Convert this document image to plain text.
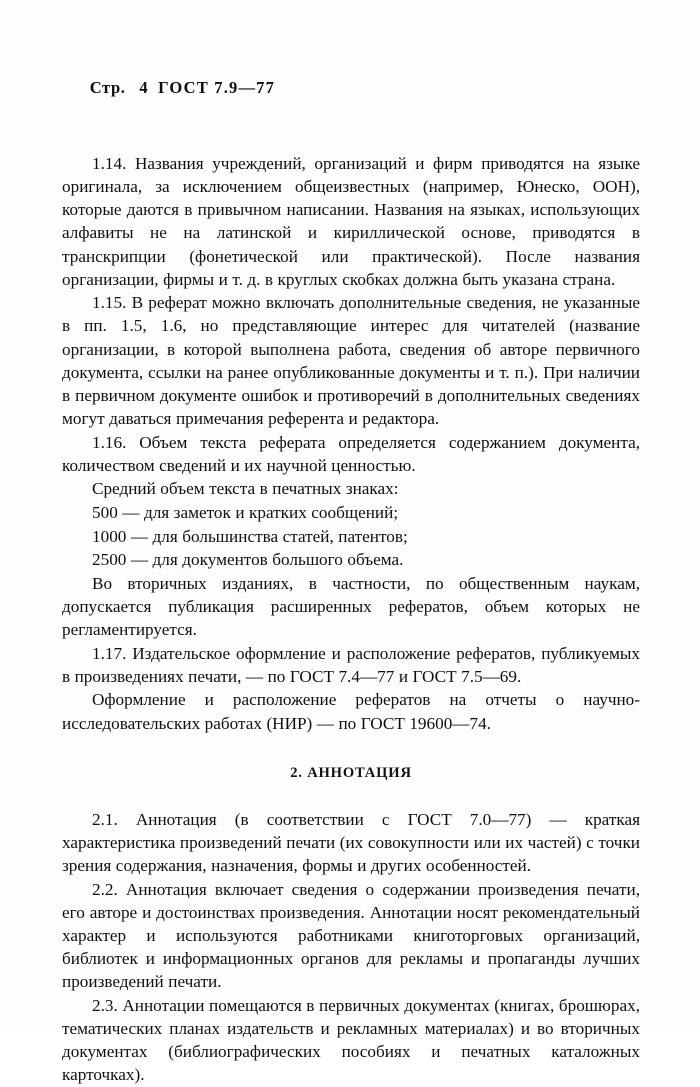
Стр. 4 ГОСТ 7.9—77

1.14. Названия учреждений, организаций и фирм приводятся на языке оригинала, за исключением общеизвестных (например, Юнеско, ООН), которые даются в привычном написании. Названия на языках, использующих алфавиты не на латинской и кириллической основе, приводятся в транскрипции (фонетической или практической). После названия организации, фирмы и т. д. в круглых скобках должна быть указана страна.

1.15. В реферат можно включать дополнительные сведения, не указанные в пп. 1.5, 1.6, но представляющие интерес для читателей (название организации, в которой выполнена работа, сведения об авторе первичного документа, ссылки на ранее опубликованные документы и т. п.). При наличии в первичном документе ошибок и противоречий в дополнительных сведениях могут даваться примечания референта и редактора.

1.16. Объем текста реферата определяется содержанием документа, количеством сведений и их научной ценностью.

Средний объем текста в печатных знаках:

500 — для заметок и кратких сообщений;

1000 — для большинства статей, патентов;

2500 — для документов большого объема.

Во вторичных изданиях, в частности, по общественным наукам, допускается публикация расширенных рефератов, объем которых не регламентируется.

1.17. Издательское оформление и расположение рефератов, публикуемых в произведениях печати, — по ГОСТ 7.4—77 и ГОСТ 7.5—69.

Оформление и расположение рефератов на отчеты о научно-исследовательских работах (НИР) — по ГОСТ 19600—74.

2. АННОТАЦИЯ

2.1. Аннотация (в соответствии с ГОСТ 7.0—77) — краткая характеристика произведений печати (их совокупности или их частей) с точки зрения содержания, назначения, формы и других особенностей.

2.2. Аннотация включает сведения о содержании произведения печати, его авторе и достоинствах произведения. Аннотации носят рекомендательный характер и используются работниками книготорговых организаций, библиотек и информационных органов для рекламы и пропаганды лучших произведений печати.

2.3. Аннотации помещаются в первичных документах (книгах, брошюрах, тематических планах издательств и рекламных материалах) и во вторичных документах (библиографических пособиях и печатных каталожных карточках).
